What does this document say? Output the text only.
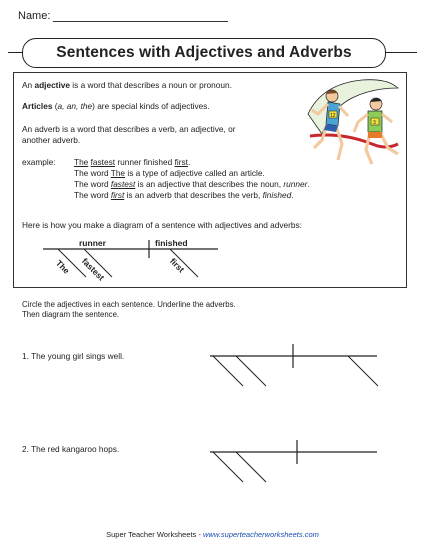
Name:
Sentences with Adjectives and Adverbs
An adjective is a word that describes a noun or pronoun.
Articles (a, an, the) are special kinds of adjectives.
An adverb is a word that describes a verb, an adjective, or
another adverb.
example: The fastest runner finished first.
The word The is a type of adjective called an article.
The word fastest is an adjective that describes the noun, runner.
The word first is an adverb that describes the verb, finished.
Here is how you make a diagram of a sentence with adjectives and adverbs:
runner	finished
The fastest	first
12
3
Circle the adjectives in each sentence. Underline the adverbs.
Then diagram the sentence.
1. The young girl sings well.
2. The red kangaroo hops.
Super Teacher Worksheets - www.superteacherworksheets.com
